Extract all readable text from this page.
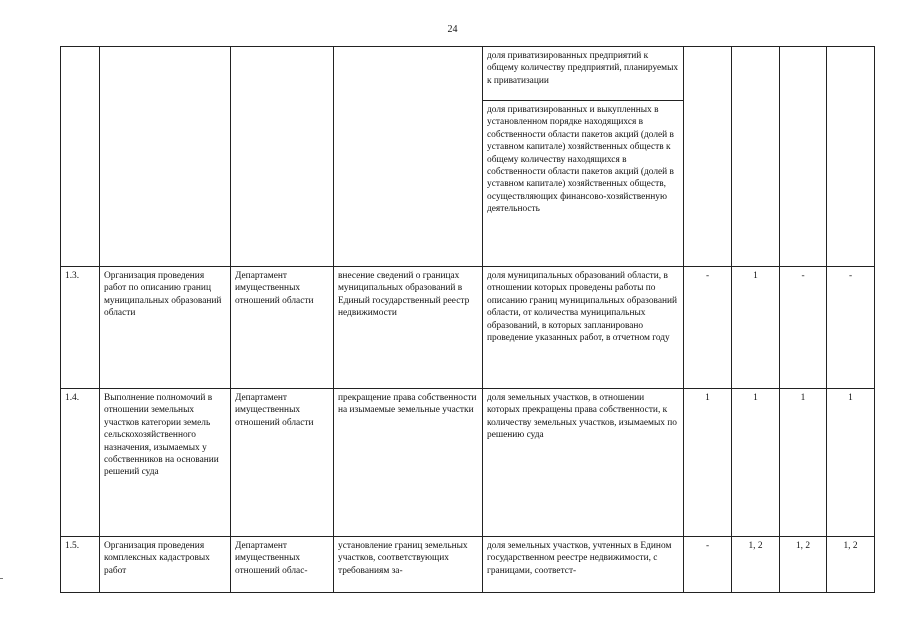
24
				доля приватизированных предприятий к общему количеству предприятий, планируемых к приватизации				
				доля приватизированных и выкупленных в установленном порядке находящихся в собственности области пакетов акций (долей в уставном капитале) хозяйственных обществ к общему количеству находящихся в собственности области пакетов акций (долей в уставном капитале) хозяйственных обществ, осуществляющих финансово-хозяйственную деятельность				
1.3.	Организация проведения работ по описанию границ муниципальных образований области	Департамент имущественных отношений области	внесение сведений о границах муниципальных образований в Единый государственный реестр недвижимости	доля муниципальных образований области, в отношении которых проведены работы по описанию границ муниципальных образований области, от количества муниципальных образований, в которых запланировано проведение указанных работ, в отчетном году	-	1	-	-
1.4.	Выполнение полномочий в отношении земельных участков категории земель сельскохозяйственного назначения, изымаемых у собственников на основании решений суда	Департамент имущественных отношений области	прекращение права собственности на изымаемые земельные участки	доля земельных участков, в отношении которых прекращены права собственности, к количеству земельных участков, изымаемых по решению суда	1	1	1	1
1.5.	Организация проведения комплексных кадастровых работ	Департамент имущественных отношений облас-	установление границ земельных участков, соответствующих требованиям за-	доля земельных участков, учтенных в Едином государственном реестре недвижимости, с границами, соответст-	-	1, 2	1, 2	1, 2
